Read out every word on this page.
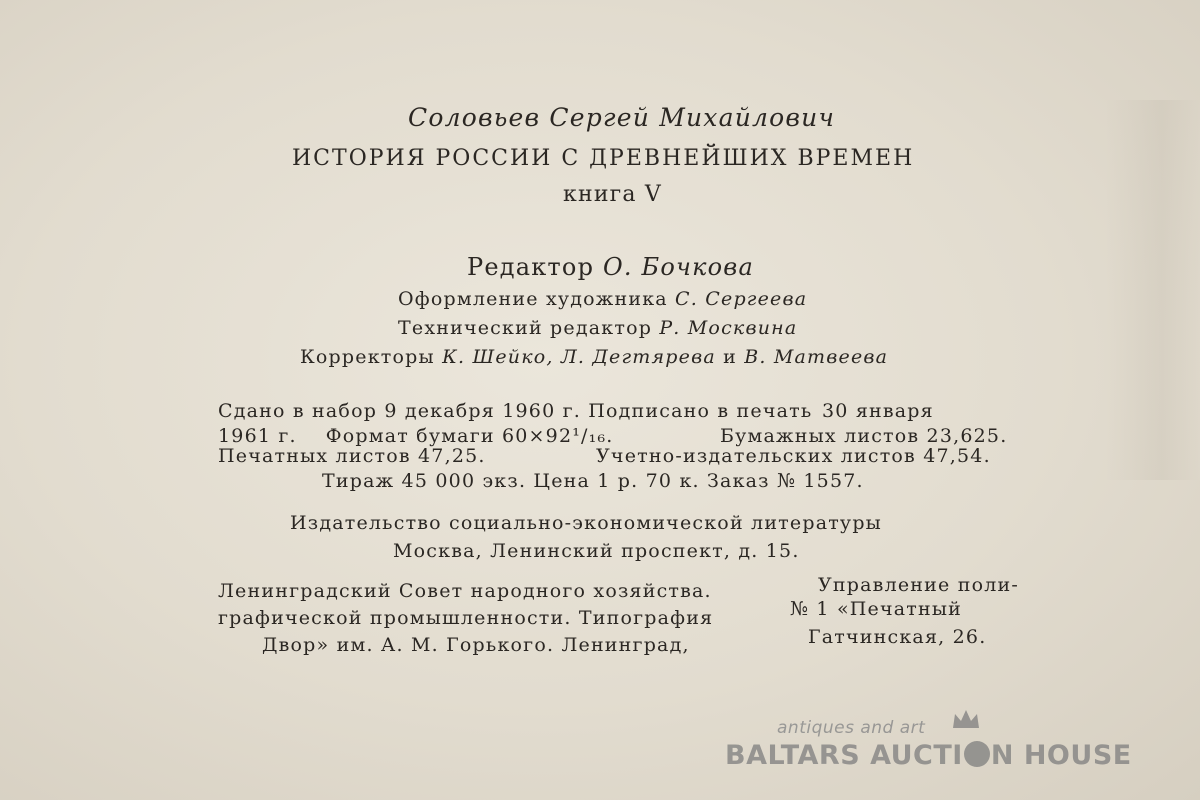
Соловьев Сергей Михайлович
ИСТОРИЯ РОССИИ С ДРЕВНЕЙШИХ ВРЕМЕН
книга V
Редактор О. Бочкова
Оформление художника С. Сергеева
Технический редактор Р. Москвина
Корректоры К. Шейко, Л. Дегтярева и В. Матвеева
Сдано в набор 9 декабря 1960 г. Подписано в печать 30 января
1961 г.    Формат бумаги 60×92¹/₁₆.	Бумажных листов 23,625.
Печатных листов 47,25.	Учетно-издательских листов 47,54.
Тираж 45 000 экз. Цена 1 р. 70 к. Заказ № 1557.
Издательство социально-экономической литературы
Москва, Ленинский проспект, д. 15.
Ленинградский Совет народного хозяйства.	Управление поли-
графической промышленности. Типография	№ 1 «Печатный
Двор» им. А. М. Горького. Ленинград,	Гатчинская, 26.
antiques and art
BALTARS AUCTI N HOUSE
